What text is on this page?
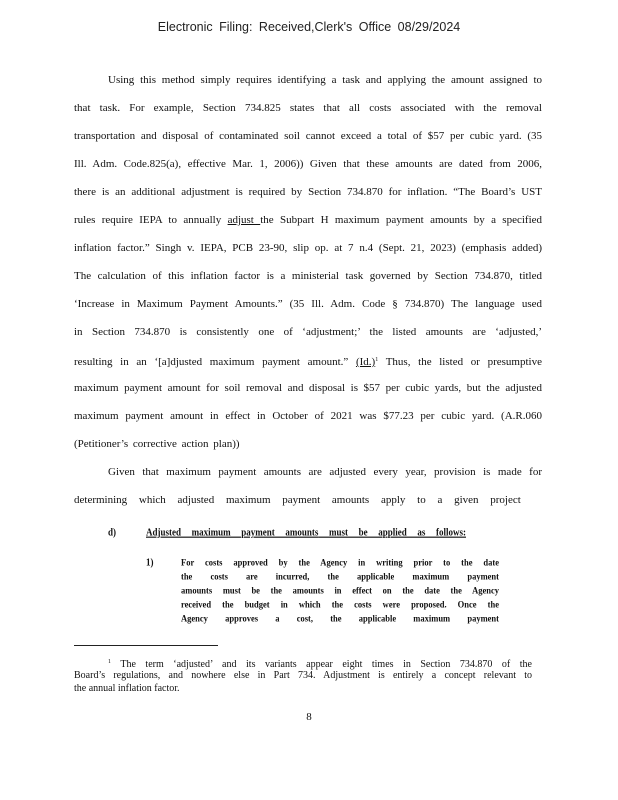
Electronic Filing: Received,Clerk's Office 08/29/2024
Using this method simply requires identifying a task and applying the amount assigned to
that task. For example, Section 734.825 states that all costs associated with the removal
transportation and disposal of contaminated soil cannot exceed a total of $57 per cubic yard. (35
Ill. Adm. Code.825(a), effective Mar. 1, 2006)) Given that these amounts are dated from 2006,
there is an additional adjustment is required by Section 734.870 for inflation. “The Board’s UST
rules require IEPA to annually adjust the Subpart H maximum payment amounts by a specified
inflation factor.” Singh v. IEPA, PCB 23-90, slip op. at 7 n.4 (Sept. 21, 2023) (emphasis added)
The calculation of this inflation factor is a ministerial task governed by Section 734.870, titled
‘Increase in Maximum Payment Amounts.” (35 Ill. Adm. Code § 734.870) The language used
in Section 734.870 is consistently one of ‘adjustment;’ the listed amounts are ‘adjusted,’
resulting in an ‘[a]djusted maximum payment amount.” $(Id.)^1$ Thus, the listed or presumptive
maximum payment amount for soil removal and disposal is $57 per cubic yards, but the adjusted
maximum payment amount in effect in October of 2021 was $77.23 per cubic yard. (A.R.060
(Petitioner’s corrective action plan))
Given that maximum payment amounts are adjusted every year, provision is made for
determining which adjusted maximum payment amounts apply to a given project
d)	Adjusted maximum payment amounts must be applied as follows:
1)	For costs approved by the Agency in writing prior to the date
the costs are incurred, the applicable maximum payment
amounts must be the amounts in effect on the date the Agency
received the budget in which the costs were proposed. Once the
Agency approves a cost, the applicable maximum payment
$^1$ The term ‘adjusted’ and its variants appear eight times in Section 734.870 of the
Board’s regulations, and nowhere else in Part 734. Adjustment is entirely a concept relevant to
the annual inflation factor.
8
